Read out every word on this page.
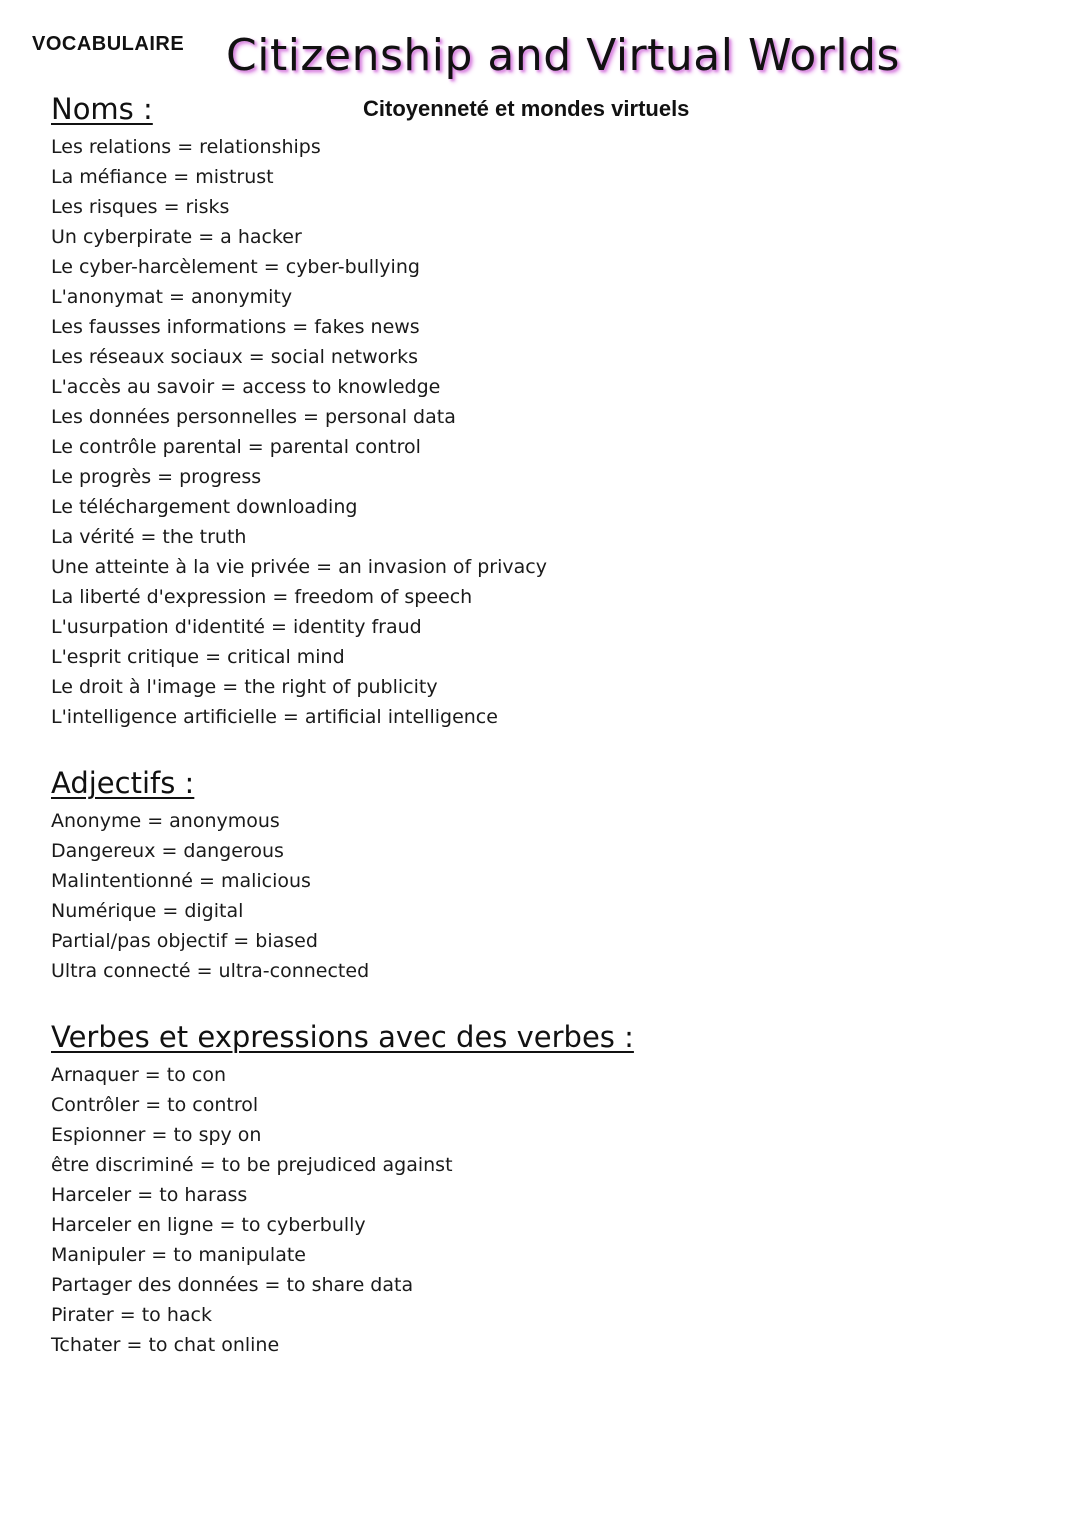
VOCABULAIRE Citizenship and Virtual Worlds
Citoyenneté et mondes virtuels
Noms :
Les relations = relationships
La méfiance = mistrust
Les risques = risks
Un cyberpirate = a hacker
Le cyber-harcèlement = cyber-bullying
L'anonymat = anonymity
Les fausses informations = fakes news
Les réseaux sociaux = social networks
L'accès au savoir = access to knowledge
Les données personnelles = personal data
Le contrôle parental = parental control
Le progrès = progress
Le téléchargement downloading
La vérité = the truth
Une atteinte à la vie privée = an invasion of privacy
La liberté d'expression = freedom of speech
L'usurpation d'identité = identity fraud
L'esprit critique = critical mind
Le droit à l'image = the right of publicity
L'intelligence artificielle = artificial intelligence
Adjectifs :
Anonyme = anonymous
Dangereux = dangerous
Malintentionné = malicious
Numérique = digital
Partial/pas objectif = biased
Ultra connecté = ultra-connected
Verbes et expressions avec des verbes :
Arnaquer = to con
Contrôler = to control
Espionner = to spy on
être discriminé = to be prejudiced against
Harceler = to harass
Harceler en ligne = to cyberbully
Manipuler = to manipulate
Partager des données = to share data
Pirater = to hack
Tchater = to chat online
